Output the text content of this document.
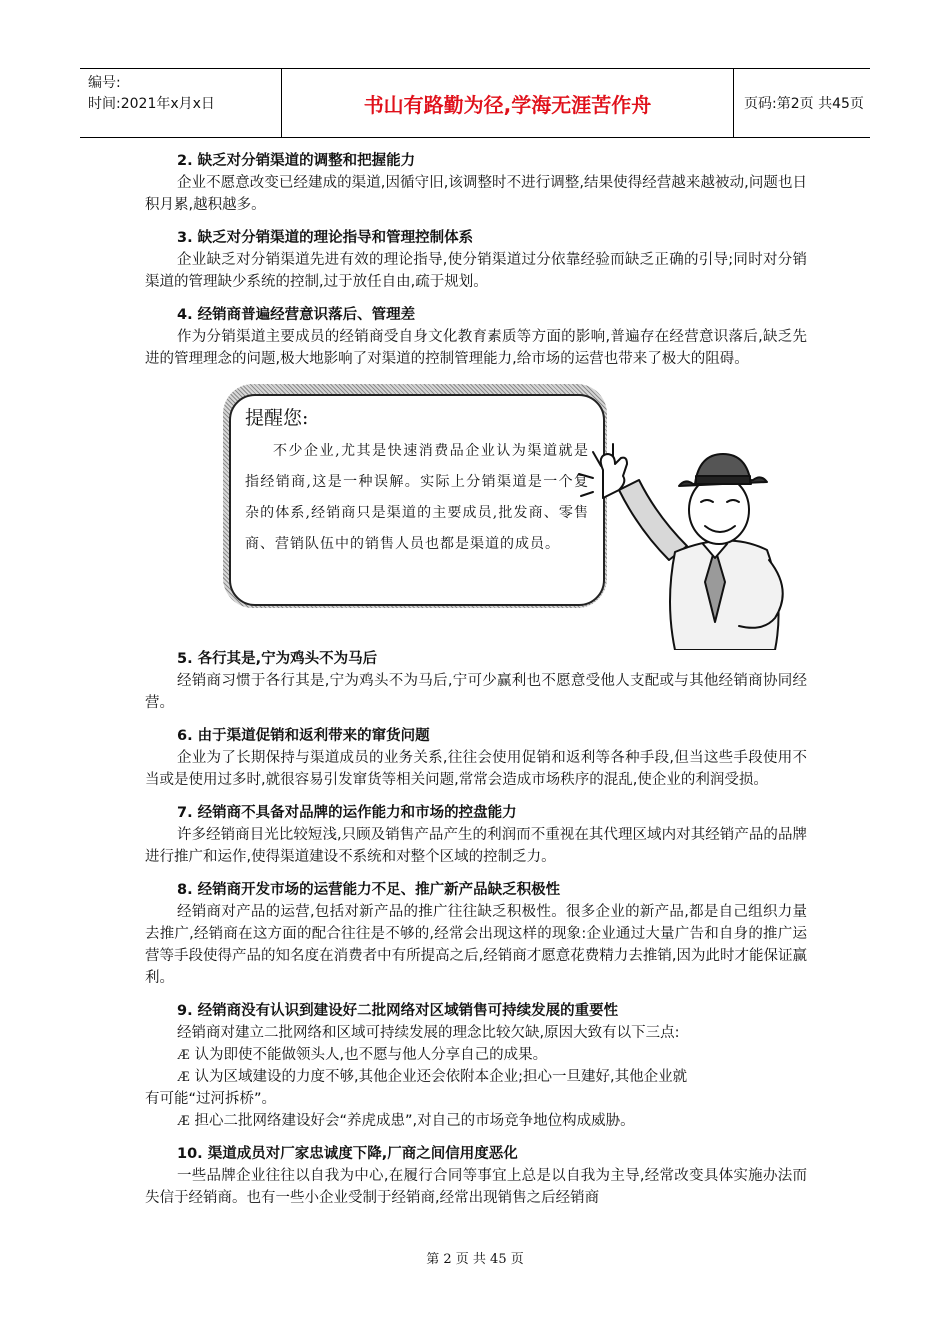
编号:
时间:2021年x月x日	书山有路勤为径,学海无涯苦作舟	页码:第2页 共45页
2. 缺乏对分销渠道的调整和把握能力
企业不愿意改变已经建成的渠道,因循守旧,该调整时不进行调整,结果使得经营越来越被动,问题也日积月累,越积越多。
3. 缺乏对分销渠道的理论指导和管理控制体系
企业缺乏对分销渠道先进有效的理论指导,使分销渠道过分依靠经验而缺乏正确的引导;同时对分销渠道的管理缺少系统的控制,过于放任自由,疏于规划。
4. 经销商普遍经营意识落后、管理差
作为分销渠道主要成员的经销商受自身文化教育素质等方面的影响,普遍存在经营意识落后,缺乏先进的管理理念的问题,极大地影响了对渠道的控制管理能力,给市场的运营也带来了极大的阻碍。
提醒您:
不少企业,尤其是快速消费品企业认为渠道就是指经销商,这是一种误解。实际上分销渠道是一个复杂的体系,经销商只是渠道的主要成员,批发商、零售商、营销队伍中的销售人员也都是渠道的成员。
5. 各行其是,宁为鸡头不为马后
经销商习惯于各行其是,宁为鸡头不为马后,宁可少赢利也不愿意受他人支配或与其他经销商协同经营。
6. 由于渠道促销和返利带来的窜货问题
企业为了长期保持与渠道成员的业务关系,往往会使用促销和返利等各种手段,但当这些手段使用不当或是使用过多时,就很容易引发窜货等相关问题,常常会造成市场秩序的混乱,使企业的利润受损。
7. 经销商不具备对品牌的运作能力和市场的控盘能力
许多经销商目光比较短浅,只顾及销售产品产生的利润而不重视在其代理区域内对其经销产品的品牌进行推广和运作,使得渠道建设不系统和对整个区域的控制乏力。
8. 经销商开发市场的运营能力不足、推广新产品缺乏积极性
经销商对产品的运营,包括对新产品的推广往往缺乏积极性。很多企业的新产品,都是自己组织力量去推广,经销商在这方面的配合往往是不够的,经常会出现这样的现象:企业通过大量广告和自身的推广运营等手段使得产品的知名度在消费者中有所提高之后,经销商才愿意花费精力去推销,因为此时才能保证赢利。
9. 经销商没有认识到建设好二批网络对区域销售可持续发展的重要性
经销商对建立二批网络和区域可持续发展的理念比较欠缺,原因大致有以下三点:
Æ 认为即使不能做领头人,也不愿与他人分享自己的成果。
Æ 认为区域建设的力度不够,其他企业还会依附本企业;担心一旦建好,其他企业就
有可能“过河拆桥”。
Æ 担心二批网络建设好会“养虎成患”,对自己的市场竞争地位构成威胁。
10. 渠道成员对厂家忠诚度下降,厂商之间信用度恶化
一些品牌企业往往以自我为中心,在履行合同等事宜上总是以自我为主导,经常改变具体实施办法而失信于经销商。也有一些小企业受制于经销商,经常出现销售之后经销商
第 2 页 共 45 页
